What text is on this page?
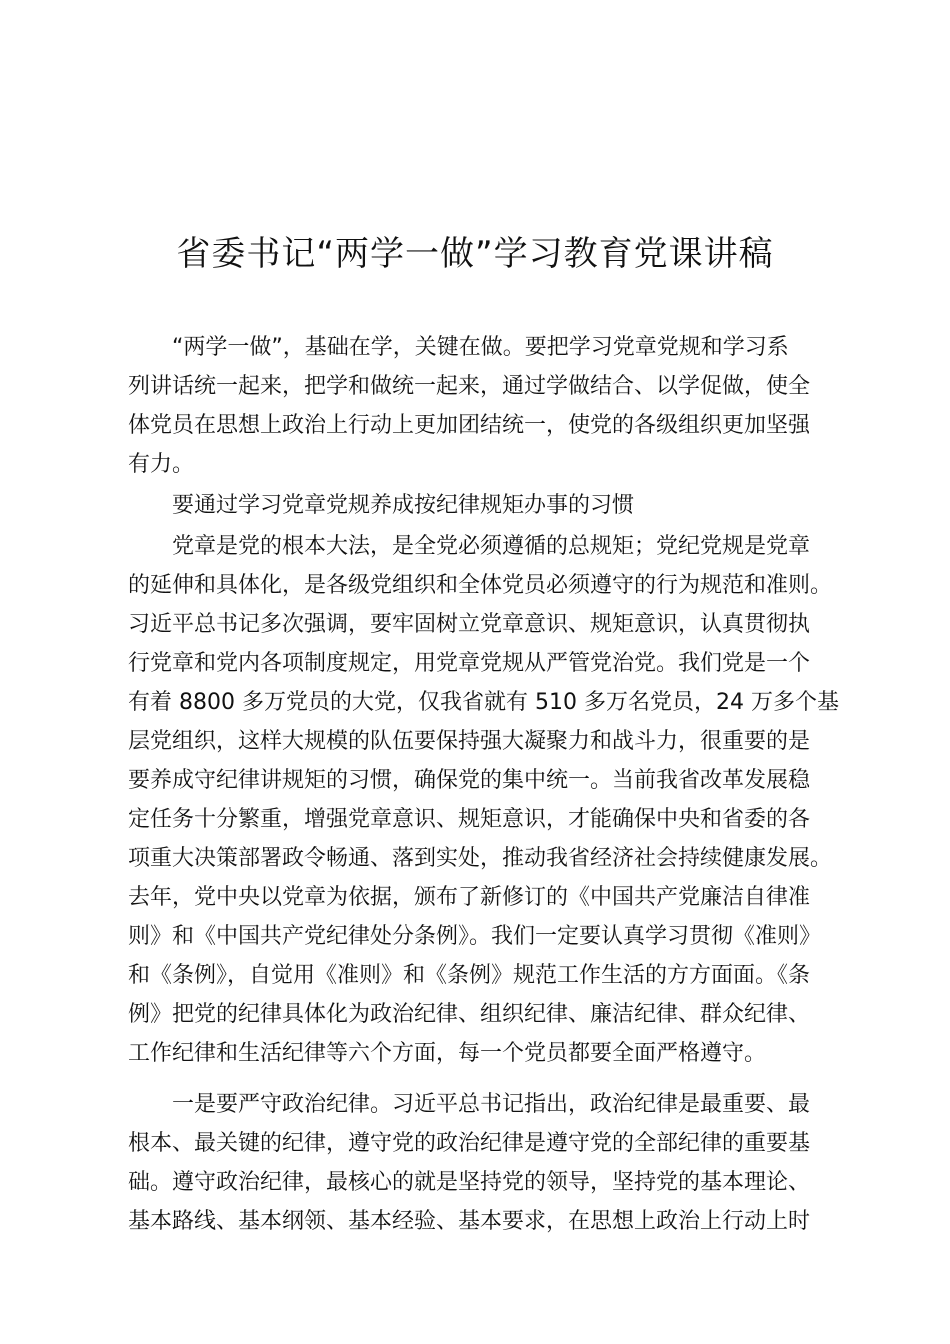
省委书记“两学一做”学习教育党课讲稿
“两学一做”，基础在学，关键在做。要把学习党章党规和学习系
列讲话统一起来，把学和做统一起来，通过学做结合、以学促做，使全
体党员在思想上政治上行动上更加团结统一，使党的各级组织更加坚强
有力。
要通过学习党章党规养成按纪律规矩办事的习惯
党章是党的根本大法，是全党必须遵循的总规矩；党纪党规是党章
的延伸和具体化，是各级党组织和全体党员必须遵守的行为规范和准则。
习近平总书记多次强调，要牢固树立党章意识、规矩意识，认真贯彻执
行党章和党内各项制度规定，用党章党规从严管党治党。我们党是一个
有着 8800 多万党员的大党，仅我省就有 510 多万名党员，24 万多个基
层党组织，这样大规模的队伍要保持强大凝聚力和战斗力，很重要的是
要养成守纪律讲规矩的习惯，确保党的集中统一。当前我省改革发展稳
定任务十分繁重，增强党章意识、规矩意识，才能确保中央和省委的各
项重大决策部署政令畅通、落到实处，推动我省经济社会持续健康发展。
去年，党中央以党章为依据，颁布了新修订的《中国共产党廉洁自律准
则》和《中国共产党纪律处分条例》。我们一定要认真学习贯彻《准则》
和《条例》，自觉用《准则》和《条例》规范工作生活的方方面面。《条
例》把党的纪律具体化为政治纪律、组织纪律、廉洁纪律、群众纪律、
工作纪律和生活纪律等六个方面，每一个党员都要全面严格遵守。
一是要严守政治纪律。习近平总书记指出，政治纪律是最重要、最
根本、最关键的纪律，遵守党的政治纪律是遵守党的全部纪律的重要基
础。遵守政治纪律，最核心的就是坚持党的领导，坚持党的基本理论、
基本路线、基本纲领、基本经验、基本要求，在思想上政治上行动上时
